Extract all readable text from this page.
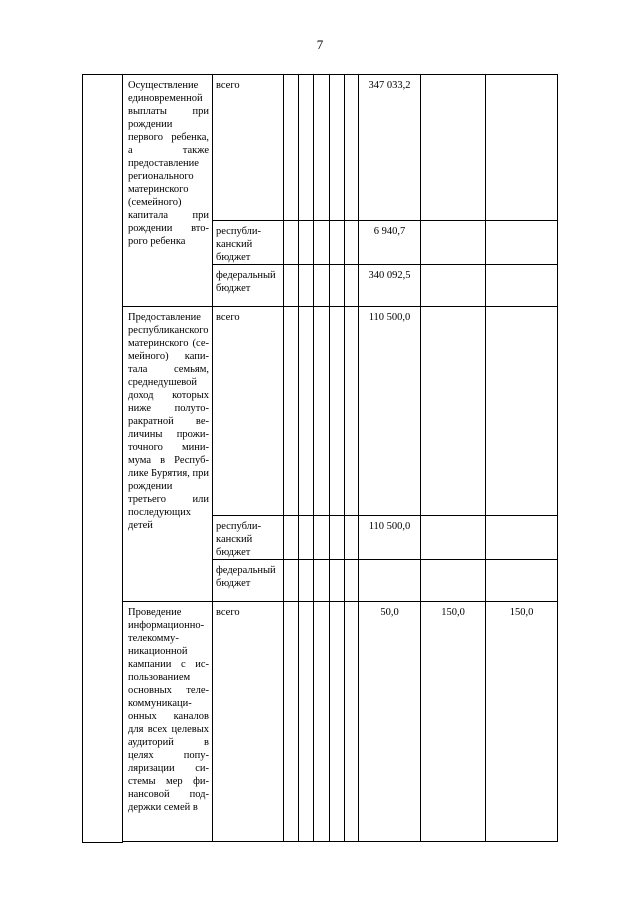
7

	Осуществление единовременной выплаты при рождении первого ребенка, а также предоставление регионального материнского (семейного) капитала при рождении второго ребенка	всего						347 033,2		

		республиканский бюджет						6 940,7		

		федеральный бюджет						340 092,5		

	Предоставление республиканского материнского (семейного) капитала семьям, среднедушевой доход которых ниже полуторакратной величины прожиточного минимума в Республике Бурятия, при рождении третьего или последующих детей	всего						110 500,0		

		республиканский бюджет						110 500,0		

		федеральный бюджет								

	Проведение информационно-телекоммуникационной кампании с использованием основных телекоммуникационных каналов для всех целевых аудиторий в целях популяризации системы мер финансовой поддержки семей в	всего						50,0	150,0	150,0
